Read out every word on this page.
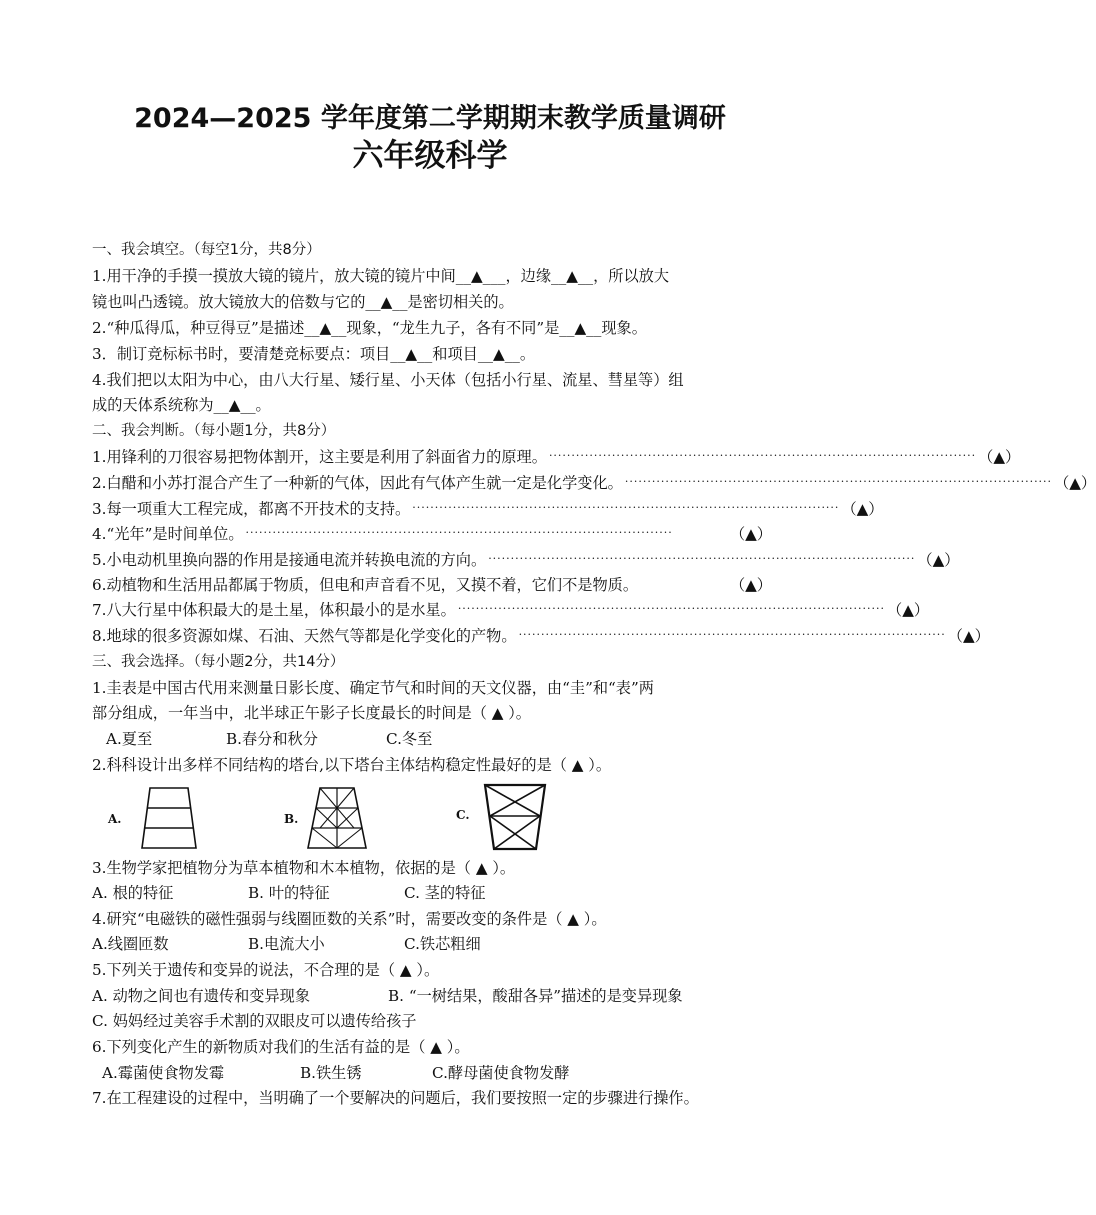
2024—2025 学年度第二学期期末教学质量调研
六年级科学
一、我会填空。（每空1分，共8分）
1.用干净的手摸一摸放大镜的镜片，放大镜的镜片中间__▲___，边缘__▲__，所以放大
镜也叫凸透镜。放大镜放大的倍数与它的__▲__是密切相关的。
2.“种瓜得瓜，种豆得豆”是描述__▲__现象，“龙生九子，各有不同”是__▲__现象。
3．制订竞标标书时，要清楚竞标要点：项目__▲__和项目__▲__。
4.我们把以太阳为中心，由八大行星、矮行星、小天体（包括小行星、流星、彗星等）组
成的天体系统称为__▲__。
二、我会判断。（每小题1分，共8分）
1.用锋利的刀很容易把物体割开，这主要是利用了斜面省力的原理。 ······························································································· （▲）
2.白醋和小苏打混合产生了一种新的气体，因此有气体产生就一定是化学变化。 ······························································································· （▲）
3.每一项重大工程完成，都离不开技术的支持。 ······························································································· （▲）
4.“光年”是时间单位。 ·······························································································	（▲）
5.小电动机里换向器的作用是接通电流并转换电流的方向。 ······························································································· （▲）
6.动植物和生活用品都属于物质，但电和声音看不见，又摸不着，它们不是物质。	（▲）
7.八大行星中体积最大的是土星，体积最小的是水星。 ······························································································· （▲）
8.地球的很多资源如煤、石油、天然气等都是化学变化的产物。 ······························································································· （▲）
三、我会选择。（每小题2分，共14分）
1.圭表是中国古代用来测量日影长度、确定节气和时间的天文仪器，由“圭”和“表”两
部分组成，一年当中，北半球正午影子长度最长的时间是（ ▲ ）。
A.夏至	B.春分和秋分	C.冬至
2.科科设计出多样不同结构的塔台,以下塔台主体结构稳定性最好的是（ ▲ ）。
A.	B.	C.
3.生物学家把植物分为草本植物和木本植物，依据的是（ ▲ ）。
A. 根的特征	B. 叶的特征	C. 茎的特征
4.研究“电磁铁的磁性强弱与线圈匝数的关系”时，需要改变的条件是（ ▲ ）。
A.线圈匝数	B.电流大小	C.铁芯粗细
5.下列关于遗传和变异的说法，不合理的是（ ▲ ）。
A. 动物之间也有遗传和变异现象	B. “一树结果，酸甜各异”描述的是变异现象
C. 妈妈经过美容手术割的双眼皮可以遗传给孩子
6.下列变化产生的新物质对我们的生活有益的是（ ▲ ）。
A.霉菌使食物发霉	B.铁生锈	C.酵母菌使食物发酵
7.在工程建设的过程中，当明确了一个要解决的问题后，我们要按照一定的步骤进行操作。
